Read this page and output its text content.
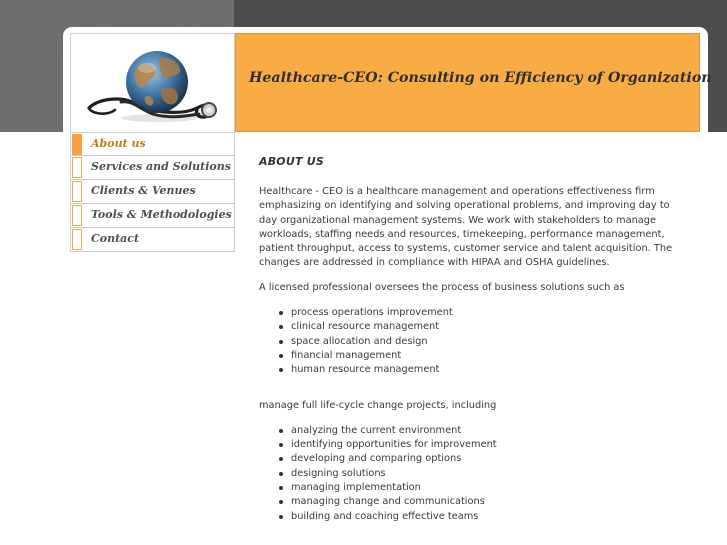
Healthcare-CEO: Consulting on Efficiency of Organization
About us
Services and Solutions
Clients & Venues
Tools & Methodologies
Contact
ABOUT US

Healthcare - CEO is a healthcare management and operations effectiveness firm emphasizing on identifying and solving operational problems, and improving day to day organizational management systems. We work with stakeholders to manage workloads, staffing needs and resources, timekeeping, performance management, patient throughput, access to systems, customer service and talent acquisition. The changes are addressed in compliance with HIPAA and OSHA guidelines.

A licensed professional oversees the process of business solutions such as

process operations improvement
clinical resource management
space allocation and design
financial management
human resource management

manage full life-cycle change projects, including

analyzing the current environment
identifying opportunities for improvement
developing and comparing options
designing solutions
managing implementation
managing change and communications
building and coaching effective teams
